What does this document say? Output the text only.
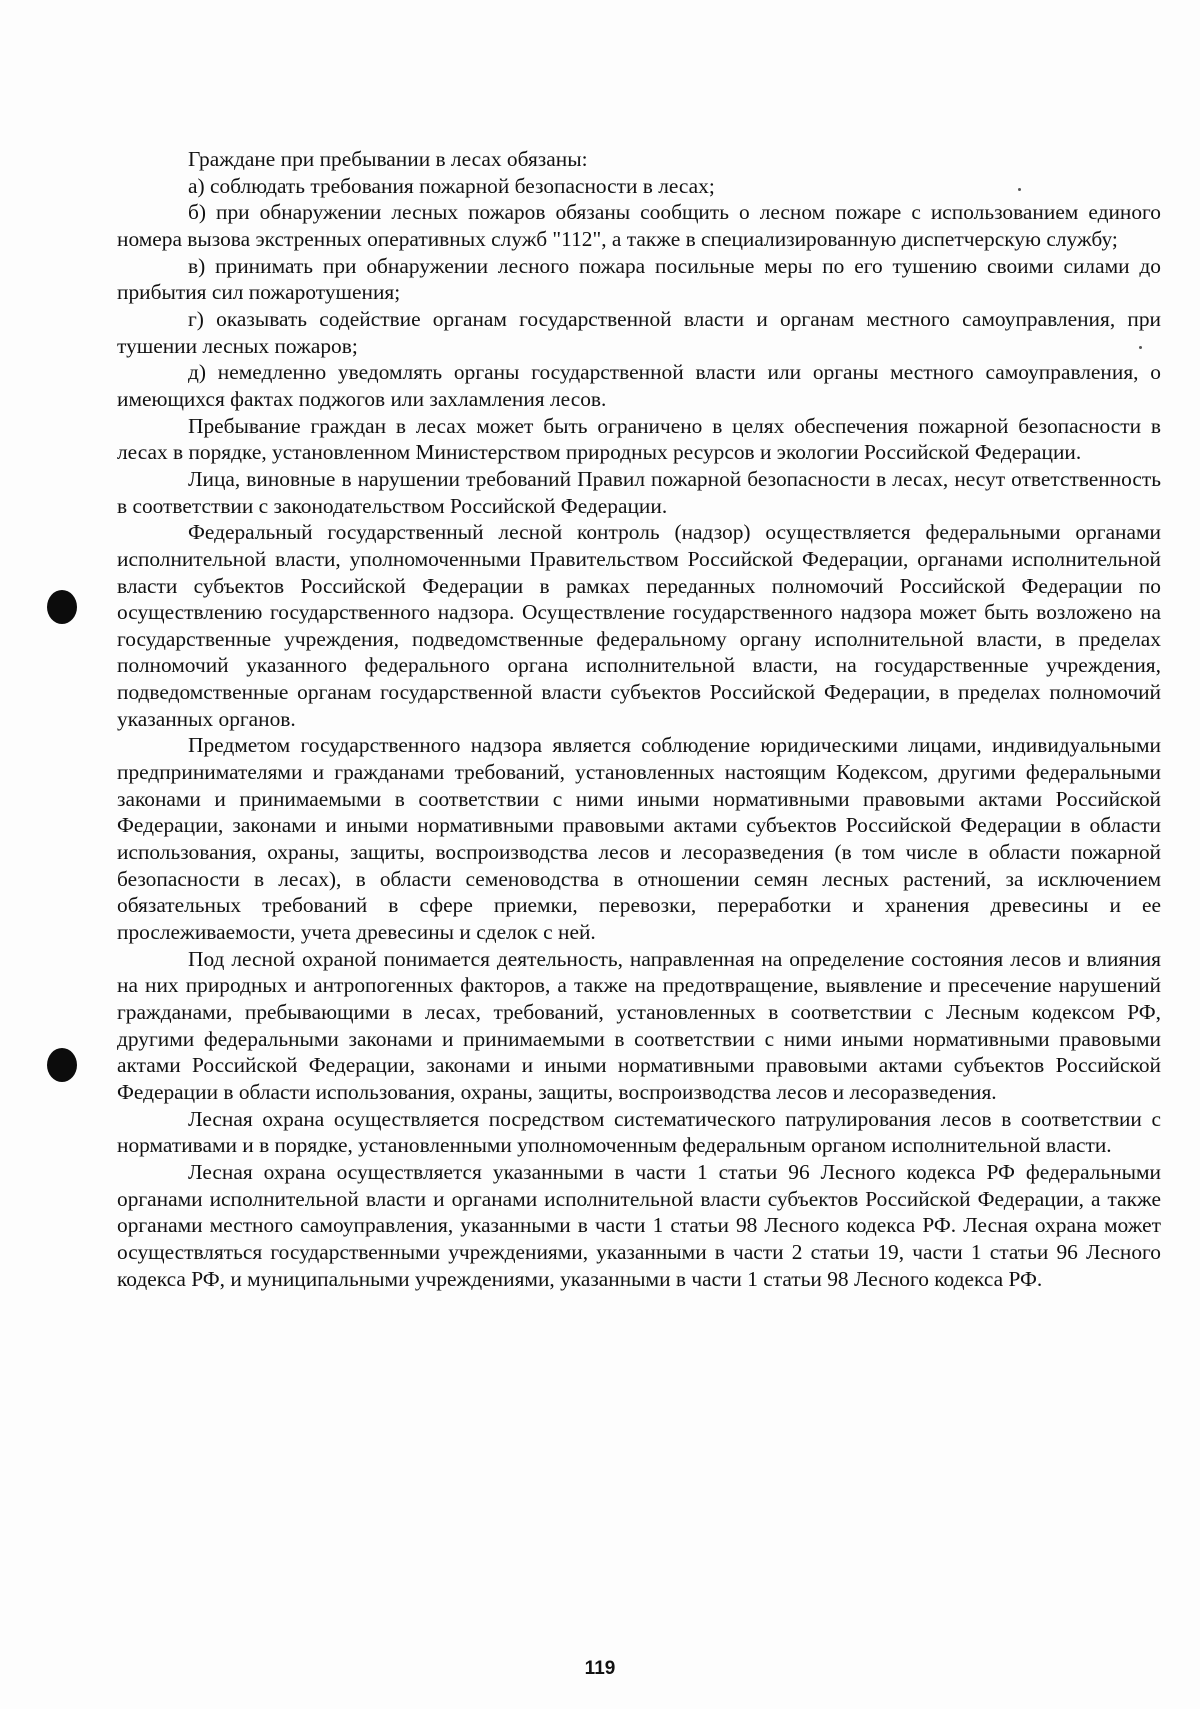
Граждане при пребывании в лесах обязаны:

а) соблюдать требования пожарной безопасности в лесах;

б) при обнаружении лесных пожаров обязаны сообщить о лесном пожаре с использованием единого номера вызова экстренных оперативных служб "112", а также в специализированную диспетчерскую службу;

в) принимать при обнаружении лесного пожара посильные меры по его тушению своими силами до прибытия сил пожаротушения;

г) оказывать содействие органам государственной власти и органам местного самоуправления, при тушении лесных пожаров;

д) немедленно уведомлять органы государственной власти или органы местного самоуправления, о имеющихся фактах поджогов или захламления лесов.

Пребывание граждан в лесах может быть ограничено в целях обеспечения пожарной безопасности в лесах в порядке, установленном Министерством природных ресурсов и экологии Российской Федерации.

Лица, виновные в нарушении требований Правил пожарной безопасности в лесах, несут ответственность в соответствии с законодательством Российской Федерации.

Федеральный государственный лесной контроль (надзор) осуществляется федеральными органами исполнительной власти, уполномоченными Правительством Российской Федерации, органами исполнительной власти субъектов Российской Федерации в рамках переданных полномочий Российской Федерации по осуществлению государственного надзора. Осуществление государственного надзора может быть возложено на государственные учреждения, подведомственные федеральному органу исполнительной власти, в пределах полномочий указанного федерального органа исполнительной власти, на государственные учреждения, подведомственные органам государственной власти субъектов Российской Федерации, в пределах полномочий указанных органов.

Предметом государственного надзора является соблюдение юридическими лицами, индивидуальными предпринимателями и гражданами требований, установленных настоящим Кодексом, другими федеральными законами и принимаемыми в соответствии с ними иными нормативными правовыми актами Российской Федерации, законами и иными нормативными правовыми актами субъектов Российской Федерации в области использования, охраны, защиты, воспроизводства лесов и лесоразведения (в том числе в области пожарной безопасности в лесах), в области семеноводства в отношении семян лесных растений, за исключением обязательных требований в сфере приемки, перевозки, переработки и хранения древесины и ее прослеживаемости, учета древесины и сделок с ней.

Под лесной охраной понимается деятельность, направленная на определение состояния лесов и влияния на них природных и антропогенных факторов, а также на предотвращение, выявление и пресечение нарушений гражданами, пребывающими в лесах, требований, установленных в соответствии с Лесным кодексом РФ, другими федеральными законами и принимаемыми в соответствии с ними иными нормативными правовыми актами Российской Федерации, законами и иными нормативными правовыми актами субъектов Российской Федерации в области использования, охраны, защиты, воспроизводства лесов и лесоразведения.

Лесная охрана осуществляется посредством систематического патрулирования лесов в соответствии с нормативами и в порядке, установленными уполномоченным федеральным органом исполнительной власти.

Лесная охрана осуществляется указанными в части 1 статьи 96 Лесного кодекса РФ федеральными органами исполнительной власти и органами исполнительной власти субъектов Российской Федерации, а также органами местного самоуправления, указанными в части 1 статьи 98 Лесного кодекса РФ. Лесная охрана может осуществляться государственными учреждениями, указанными в части 2 статьи 19, части 1 статьи 96 Лесного кодекса РФ, и муниципальными учреждениями, указанными в части 1 статьи 98 Лесного кодекса РФ.

119
